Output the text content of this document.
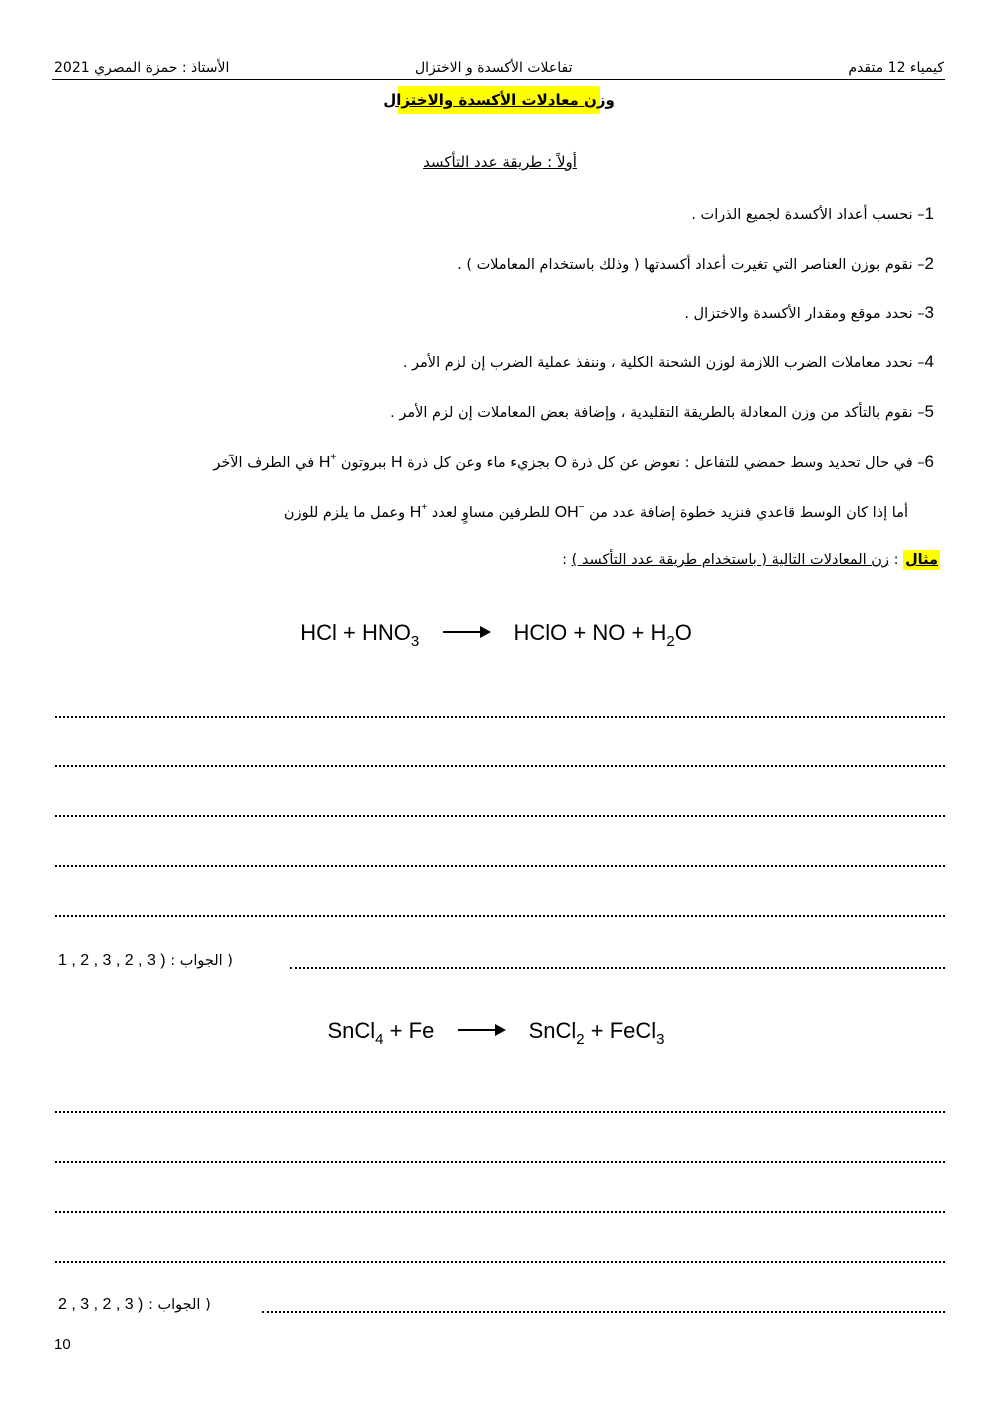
كيمياء 12 متقدم
تفاعلات الأكسدة و الاختزال
الأستاذ : حمزة المصري 2021
وزن معادلات الأكسدة والاختزال
أولاً : طريقة عدد التأكسد
1– نحسب أعداد الأكسدة لجميع الذرات .
2– نقوم بوزن العناصر التي تغيرت أعداد أكسدتها ( وذلك باستخدام المعاملات ) .
3– نحدد موقع ومقدار الأكسدة والاختزال .
4– نحدد معاملات الضرب اللازمة لوزن الشحنة الكلية ، وننفذ عملية الضرب إن لزم الأمر .
5– نقوم بالتأكد من وزن المعادلة بالطريقة التقليدية ، وإضافة بعض المعاملات إن لزم الأمر .
6– في حال تحديد وسط حمضي للتفاعل : نعوض عن كل ذرة O بجزيء ماء وعن كل ذرة H ببروتون H+ في الطرف الآخر
أما إذا كان الوسط قاعدي فنزيد خطوة إضافة عدد من OH− للطرفين مساوٍ لعدد H+ وعمل ما يلزم للوزن
مثال : زن المعادلات التالية ( باستخدام طريقة عدد التأكسد ) :
HCl + $HNO_3$ → HClO + NO + $H_2O$
( الجواب : 1 , 2 , 3 , 2 , 3 )
SnCl$_4$ + Fe → SnCl$_2$ + FeCl$_3$
( الجواب : 2 , 3 , 2 , 3 )
10
